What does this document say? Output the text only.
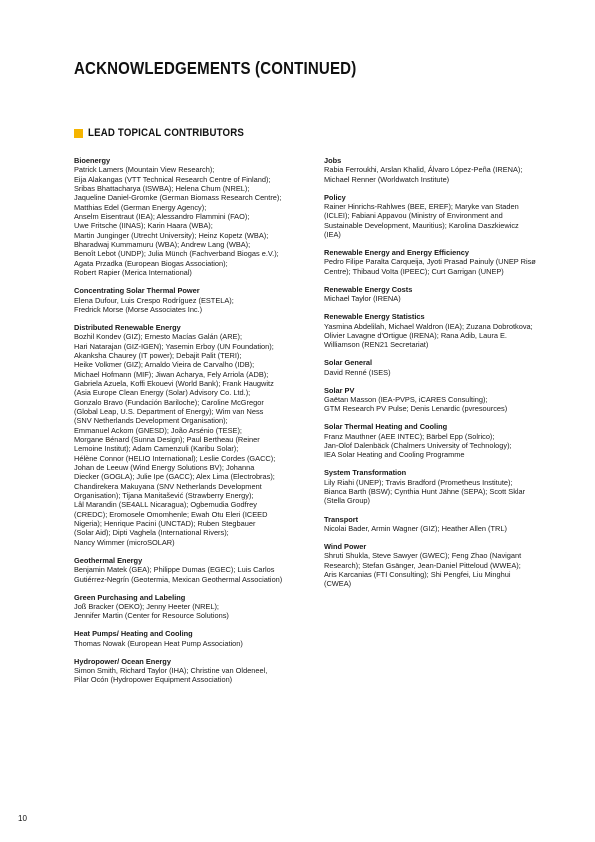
ACKNOWLEDGEMENTS (CONTINUED)
LEAD TOPICAL CONTRIBUTORS

Bioenergy

Patrick Lamers (Mountain View Research);
Eija Alakangas (VTT Technical Research Centre of Finland);
Sribas Bhattacharya (ISWBA); Helena Chum (NREL);
Jaqueline Daniel-Gromke (German Biomass Research Centre);
Matthias Edel (German Energy Agency);
Anselm Eisentraut (IEA); Alessandro Flammini (FAO);
Uwe Fritsche (IINAS); Karin Haara (WBA);
Martin Junginger (Utrecht University); Heinz Kopetz (WBA);
Bharadwaj Kummamuru (WBA); Andrew Lang (WBA);
Benoît Lebot (UNDP); Julia Münch (Fachverband Biogas e.V.);
Agata Przadka (European Biogas Association);
Robert Rapier (Merica International)

Concentrating Solar Thermal Power

Elena Dufour, Luis Crespo Rodríguez (ESTELA);
Fredrick Morse (Morse Associates Inc.)

Distributed Renewable Energy

Bozhil Kondev (GIZ); Ernesto Macías Galán (ARE);
Hari Natarajan (GIZ-IGEN); Yasemin Erboy (UN Foundation);
Akanksha Chaurey (IT power); Debajit Palit (TERI);
Heike Volkmer (GIZ); Arnaldo Vieira de Carvalho (IDB);
Michael Hofmann (MIF); Jiwan Acharya, Fely Arriola (ADB);
Gabriela Azuela, Koffi Ekouevi (World Bank); Frank Haugwitz
(Asia Europe Clean Energy (Solar) Advisory Co. Ltd.);
Gonzalo Bravo (Fundación Bariloche); Caroline McGregor
(Global Leap, U.S. Department of Energy); Wim van Ness
(SNV Netherlands Development Organisation);
Emmanuel Ackom (GNESD); João Arsénio (TESE);
Morgane Bénard (Sunna Design); Paul Bertheau (Reiner
Lemoine Institut); Adam Camenzuli (Karibu Solar);
Hélène Connor (HELIO International); Leslie Cordes (GACC);
Johan de Leeuw (Wind Energy Solutions BV); Johanna
Diecker (GOGLA); Julie Ipe (GACC); Alex Lima (Electrobras);
Chandirekera Makuyana (SNV Netherlands Development
Organisation); Tijana Manitašević (Strawberry Energy);
Lâl Marandin (SE4ALL Nicaragua); Ogbemudia Godfrey
(CREDC); Eromosele Omomhenle; Ewah Otu Eleri (ICEED
Nigeria); Henrique Pacini (UNCTAD); Ruben Stegbauer
(Solar Aid); Dipti Vaghela (International Rivers);
Nancy Wimmer (microSOLAR)

Geothermal Energy

Benjamin Matek (GEA); Philippe Dumas (EGEC); Luis Carlos
Gutiérrez-Negrín (Geotermia, Mexican Geothermal Association)

Green Purchasing and Labeling

Joß Bracker (OEKO); Jenny Heeter (NREL);
Jennifer Martin (Center for Resource Solutions)

Heat Pumps/ Heating and Cooling

Thomas Nowak (European Heat Pump Association)

Hydropower/ Ocean Energy

Simon Smith, Richard Taylor (IHA); Christine van Oldeneel,
Pilar Ocón (Hydropower Equipment Association)

Jobs

Rabia Ferroukhi, Arslan Khalid, Álvaro López-Peña (IRENA);
Michael Renner (Worldwatch Institute)

Policy

Rainer Hinrichs-Rahlwes (BEE, EREF); Maryke van Staden
(ICLEI); Fabiani Appavou (Ministry of Environment and
Sustainable Development, Mauritius); Karolina Daszkiewicz
(IEA)

Renewable Energy and Energy Efficiency

Pedro Filipe Paralta Carqueija, Jyoti Prasad Painuly (UNEP Risø
Centre); Thibaud Voïta (IPEEC); Curt Garrigan (UNEP)

Renewable Energy Costs

Michael Taylor (IRENA)

Renewable Energy Statistics

Yasmina Abdelilah, Michael Waldron (IEA); Zuzana Dobrotkova;
Olivier Lavagne d'Ortigue (IRENA); Rana Adib, Laura E.
Williamson (REN21 Secretariat)

Solar General

David Renné (ISES)

Solar PV

Gaëtan Masson (IEA-PVPS, iCARES Consulting);
GTM Research PV Pulse; Denis Lenardic (pvresources)

Solar Thermal Heating and Cooling

Franz Mauthner (AEE INTEC); Bärbel Epp (Solrico);
Jan-Olof Dalenbäck (Chalmers University of Technology);
IEA Solar Heating and Cooling Programme

System Transformation

Lily Riahi (UNEP); Travis Bradford (Prometheus Institute);
Bianca Barth (BSW); Cynthia Hunt Jähne (SEPA); Scott Sklar
(Stella Group)

Transport

Nicolai Bader, Armin Wagner (GIZ); Heather Allen (TRL)

Wind Power

Shruti Shukla, Steve Sawyer (GWEC); Feng Zhao (Navigant
Research); Stefan Gsänger, Jean-Daniel Pitteloud (WWEA);
Aris Karcanias (FTI Consulting); Shi Pengfei, Liu Minghui
(CWEA)

10
